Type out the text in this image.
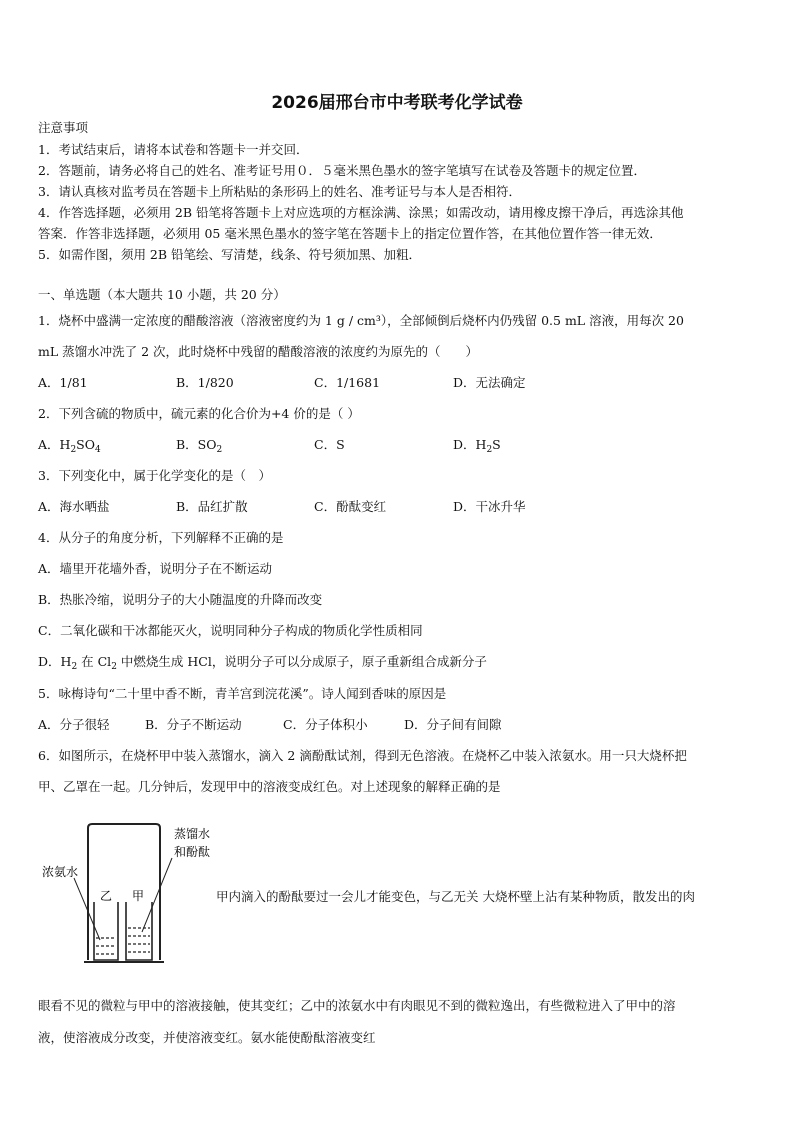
2026届邢台市中考联考化学试卷
注意事项
1．考试结束后，请将本试卷和答题卡一并交回．
2．答题前，请务必将自己的姓名、准考证号用０．５毫米黑色墨水的签字笔填写在试卷及答题卡的规定位置．
3．请认真核对监考员在答题卡上所粘贴的条形码上的姓名、准考证号与本人是否相符．
4．作答选择题，必须用 2B 铅笔将答题卡上对应选项的方框涂满、涂黑；如需改动，请用橡皮擦干净后，再选涂其他
答案．作答非选择题，必须用 05 毫米黑色墨水的签字笔在答题卡上的指定位置作答，在其他位置作答一律无效．
5．如需作图，须用 2B 铅笔绘、写清楚，线条、符号须加黑、加粗．
一、单选题（本大题共 10 小题，共 20 分）
1．烧杯中盛满一定浓度的醋酸溶液（溶液密度约为 1 g / cm³），全部倾倒后烧杯内仍残留 0.5 mL 溶液，用每次 20
mL 蒸馏水冲洗了 2 次，此时烧杯中残留的醋酸溶液的浓度约为原先的（　　）
A．1/81	B．1/820	C．1/1681	D．无法确定
2．下列含硫的物质中，硫元素的化合价为+4 价的是（ ）
A．$H_2SO_4$	B．$SO_2$	C．S	D．$H_2S$
3．下列变化中，属于化学变化的是（　）
A．海水晒盐	B．品红扩散	C．酚酞变红	D．干冰升华
4．从分子的角度分析，下列解释不正确的是
A．墙里开花墙外香，说明分子在不断运动
B．热胀冷缩，说明分子的大小随温度的升降而改变
C．二氧化碳和干冰都能灭火，说明同种分子构成的物质化学性质相同
D．$H_2$ 在 $Cl_2$ 中燃烧生成 HCl，说明分子可以分成原子，原子重新组合成新分子
5．咏梅诗句“二十里中香不断，青羊宫到浣花溪”。诗人闻到香味的原因是
A．分子很轻	B．分子不断运动	C．分子体积小	D．分子间有间隙
6．如图所示，在烧杯甲中装入蒸馏水，滴入 2 滴酚酞试剂，得到无色溶液。在烧杯乙中装入浓氨水。用一只大烧杯把
甲、乙罩在一起。几分钟后，发现甲中的溶液变成红色。对上述现象的解释正确的是
浓氨水
蒸馏水
和酚酞
乙 甲	甲内滴入的酚酞要过一会儿才能变色，与乙无关 大烧杯壁上沾有某种物质，散发出的肉
眼看不见的微粒与甲中的溶液接触，使其变红；乙中的浓氨水中有肉眼见不到的微粒逸出，有些微粒进入了甲中的溶
液，使溶液成分改变，并使溶液变红。氨水能使酚酞溶液变红
